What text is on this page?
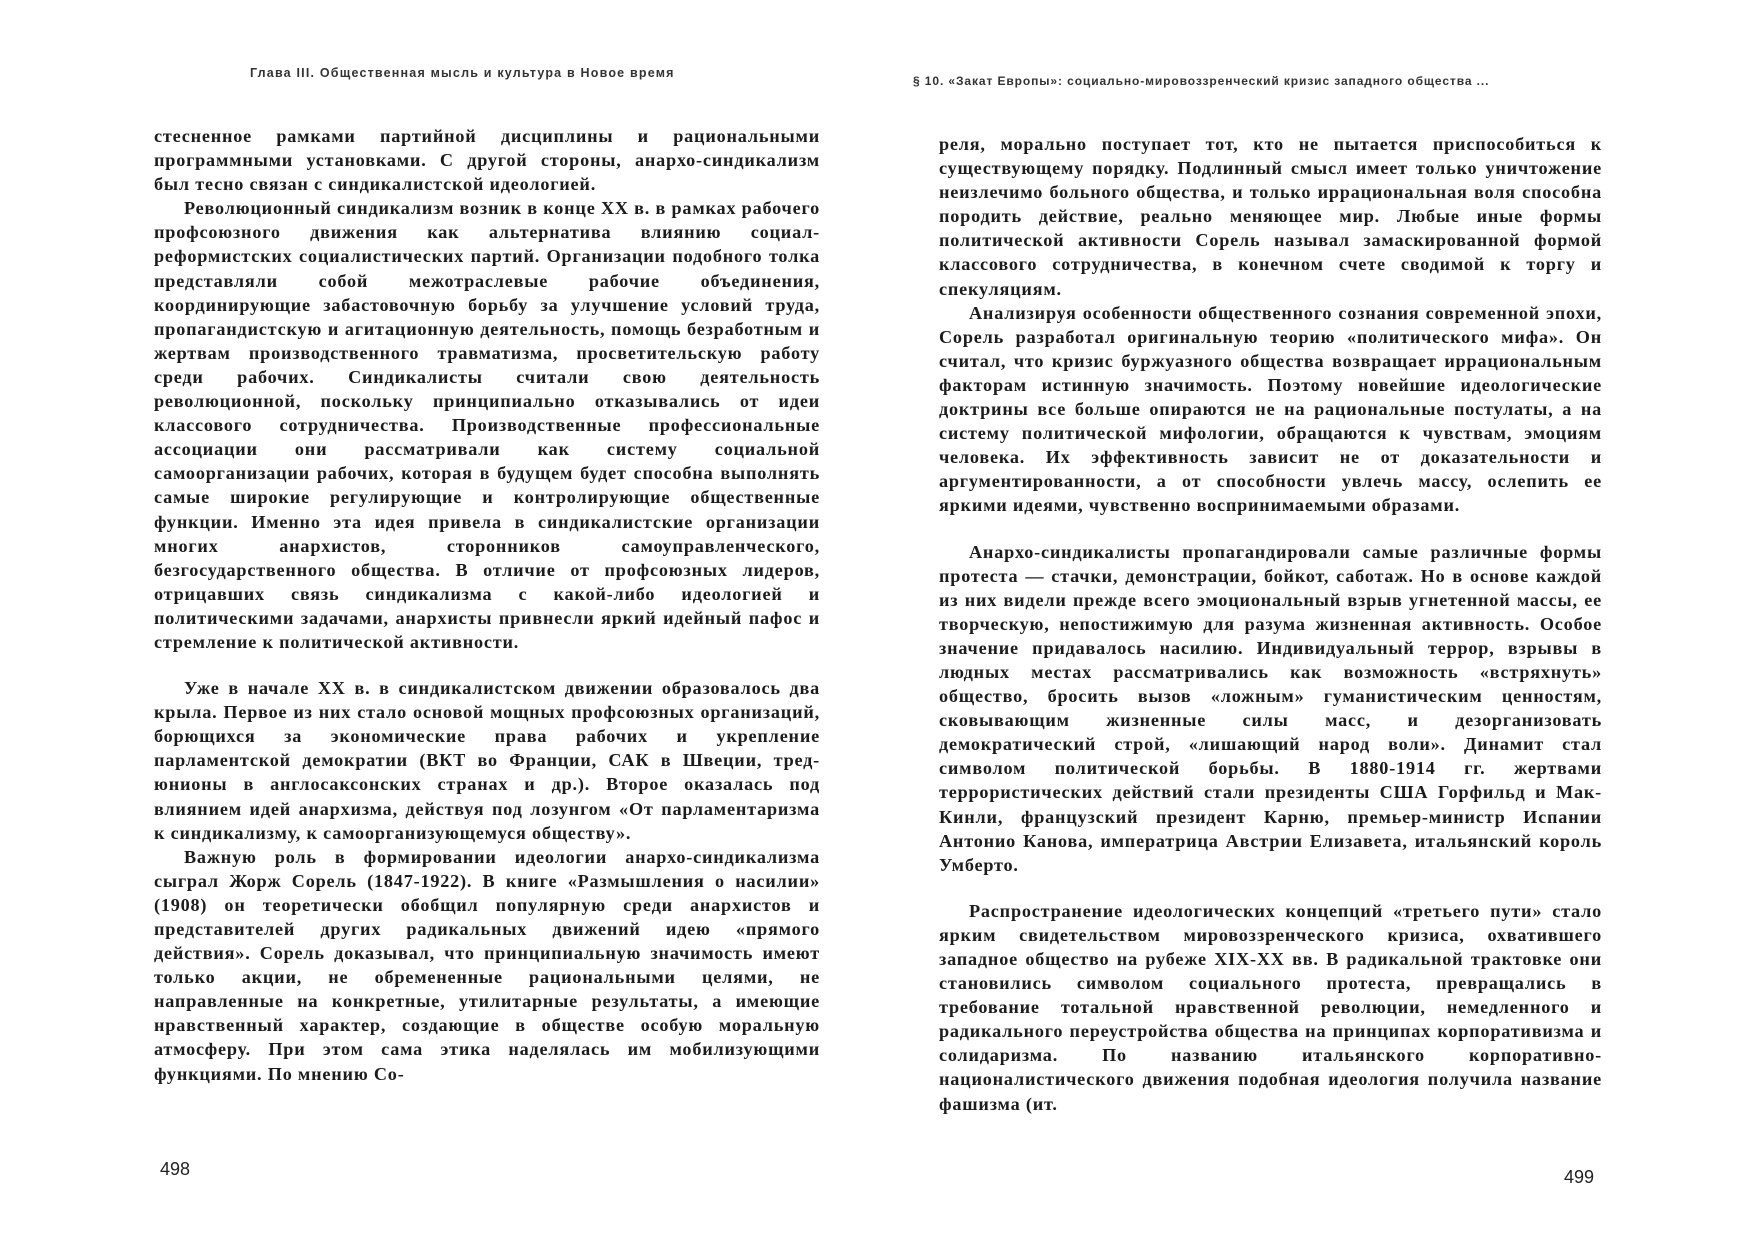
Глава III. Общественная мысль и культура в Новое время

стесненное рамками партийной дисциплины и рациональными программными установками. С другой стороны, анархо-синдикализм был тесно связан с синдикалистской идеологией.

Революционный синдикализм возник в конце XX в. в рамках рабочего профсоюзного движения как альтернатива влиянию социал-реформистских социалистических партий. Организации подобного толка представляли собой межотраслевые рабочие объединения, координирующие забастовочную борьбу за улучшение условий труда, пропагандистскую и агитационную деятельность, помощь безработным и жертвам производственного травматизма, просветительскую работу среди рабочих. Синдикалисты считали свою деятельность революционной, поскольку принципиально отказывались от идеи классового сотрудничества. Производственные профессиональные ассоциации они рассматривали как систему социальной самоорганизации рабочих, которая в будущем будет способна выполнять самые широкие регулирующие и контролирующие общественные функции. Именно эта идея привела в синдикалистские организации многих анархистов, сторонников самоуправленческого, безгосударственного общества. В отличие от профсоюзных лидеров, отрицавших связь синдикализма с какой-либо идеологией и политическими задачами, анархисты привнесли яркий идейный пафос и стремление к политической активности.

Уже в начале XX в. в синдикалистском движении образовалось два крыла. Первое из них стало основой мощных профсоюзных организаций, борющихся за экономические права рабочих и укрепление парламентской демократии (ВКТ во Франции, САК в Швеции, тред-юнионы в англосаксонских странах и др.). Второе оказалась под влиянием идей анархизма, действуя под лозунгом «От парламентаризма к синдикализму, к самоорганизующемуся обществу».

Важную роль в формировании идеологии анархо-синдикализма сыграл Жорж Сорель (1847-1922). В книге «Размышления о насилии» (1908) он теоретически обобщил популярную среди анархистов и представителей других радикальных движений идею «прямого действия». Сорель доказывал, что принципиальную значимость имеют только акции, не обремененные рациональными целями, не направленные на конкретные, утилитарные результаты, а имеющие нравственный характер, создающие в обществе особую моральную атмосферу. При этом сама этика наделялась им мобилизующими функциями. По мнению Со-

498
§ 10. «Закат Европы»: социально-мировоззренческий кризис западного общества ...

реля, морально поступает тот, кто не пытается приспособиться к существующему порядку. Подлинный смысл имеет только уничтожение неизлечимо больного общества, и только иррациональная воля способна породить действие, реально меняющее мир. Любые иные формы политической активности Сорель называл замаскированной формой классового сотрудничества, в конечном счете сводимой к торгу и спекуляциям.

Анализируя особенности общественного сознания современной эпохи, Сорель разработал оригинальную теорию «политического мифа». Он считал, что кризис буржуазного общества возвращает иррациональным факторам истинную значимость. Поэтому новейшие идеологические доктрины все больше опираются не на рациональные постулаты, а на систему политической мифологии, обращаются к чувствам, эмоциям человека. Их эффективность зависит не от доказательности и аргументированности, а от способности увлечь массу, ослепить ее яркими идеями, чувственно воспринимаемыми образами.

Анархо-синдикалисты пропагандировали самые различные формы протеста — стачки, демонстрации, бойкот, саботаж. Но в основе каждой из них видели прежде всего эмоциональный взрыв угнетенной массы, ее творческую, непостижимую для разума жизненная активность. Особое значение придавалось насилию. Индивидуальный террор, взрывы в людных местах рассматривались как возможность «встряхнуть» общество, бросить вызов «ложным» гуманистическим ценностям, сковывающим жизненные силы масс, и дезорганизовать демократический строй, «лишающий народ воли». Динамит стал символом политической борьбы. В 1880-1914 гг. жертвами террористических действий стали президенты США Горфильд и Мак-Кинли, французский президент Карню, премьер-министр Испании Антонио Канова, императрица Австрии Елизавета, итальянский король Умберто.

Распространение идеологических концепций «третьего пути» стало ярким свидетельством мировоззренческого кризиса, охватившего западное общество на рубеже XIX-XX вв. В радикальной трактовке они становились символом социального протеста, превращались в требование тотальной нравственной революции, немедленного и радикального переустройства общества на принципах корпоративизма и солидаризма. По названию итальянского корпоративно-националистического движения подобная идеология получила название фашизма (ит.

499
